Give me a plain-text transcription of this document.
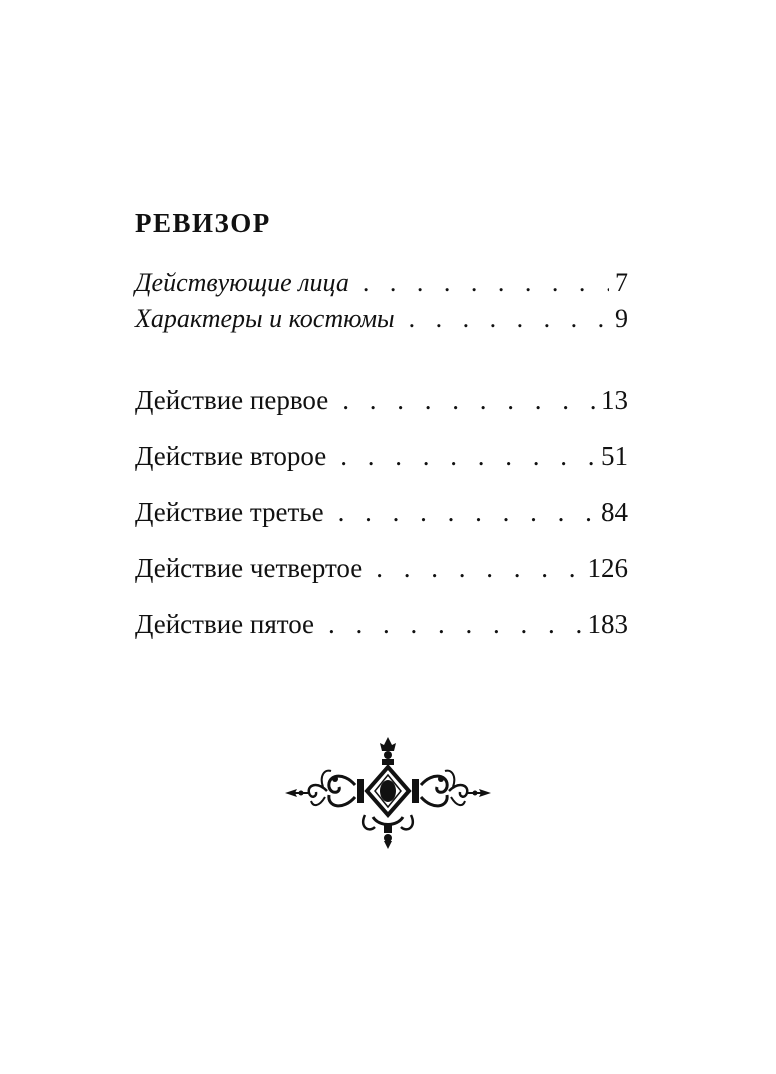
РЕВИЗОР
Действующие лица . . .	7
Характеры и костюмы . . .	9
Действие первое . . .	13
Действие второе . . .	51
Действие третье . . .	84
Действие четвертое . . .	126
Действие пятое . . .	183
